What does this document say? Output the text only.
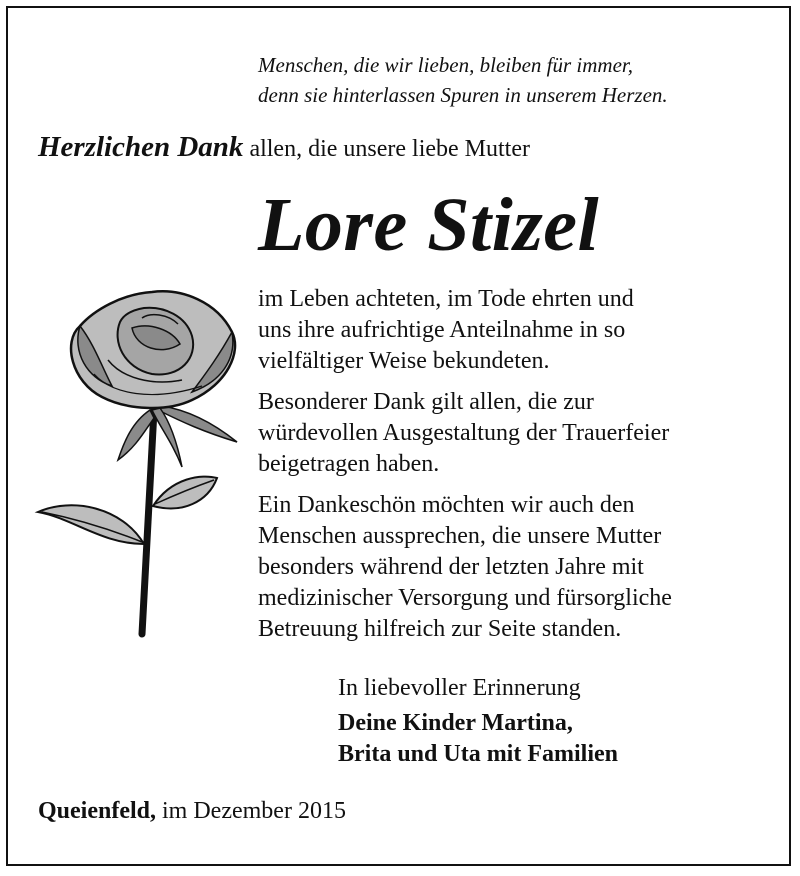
Menschen, die wir lieben, bleiben für immer,
denn sie hinterlassen Spuren in unserem Herzen.
Herzlichen Dank allen, die unsere liebe Mutter
Lore Stizel

im Leben achteten, im Tode ehrten und
uns ihre aufrichtige Anteilnahme in so
vielfältiger Weise bekundeten.

Besonderer Dank gilt allen, die zur
würdevollen Ausgestaltung der Trauerfeier
beigetragen haben.

Ein Dankeschön möchten wir auch den
Menschen aussprechen, die unsere Mutter
besonders während der letzten Jahre mit
medizinischer Versorgung und fürsorgliche
Betreuung hilfreich zur Seite standen.

In liebevoller Erinnerung
Deine Kinder Martina,
Brita und Uta mit Familien
Queienfeld, im Dezember 2015
